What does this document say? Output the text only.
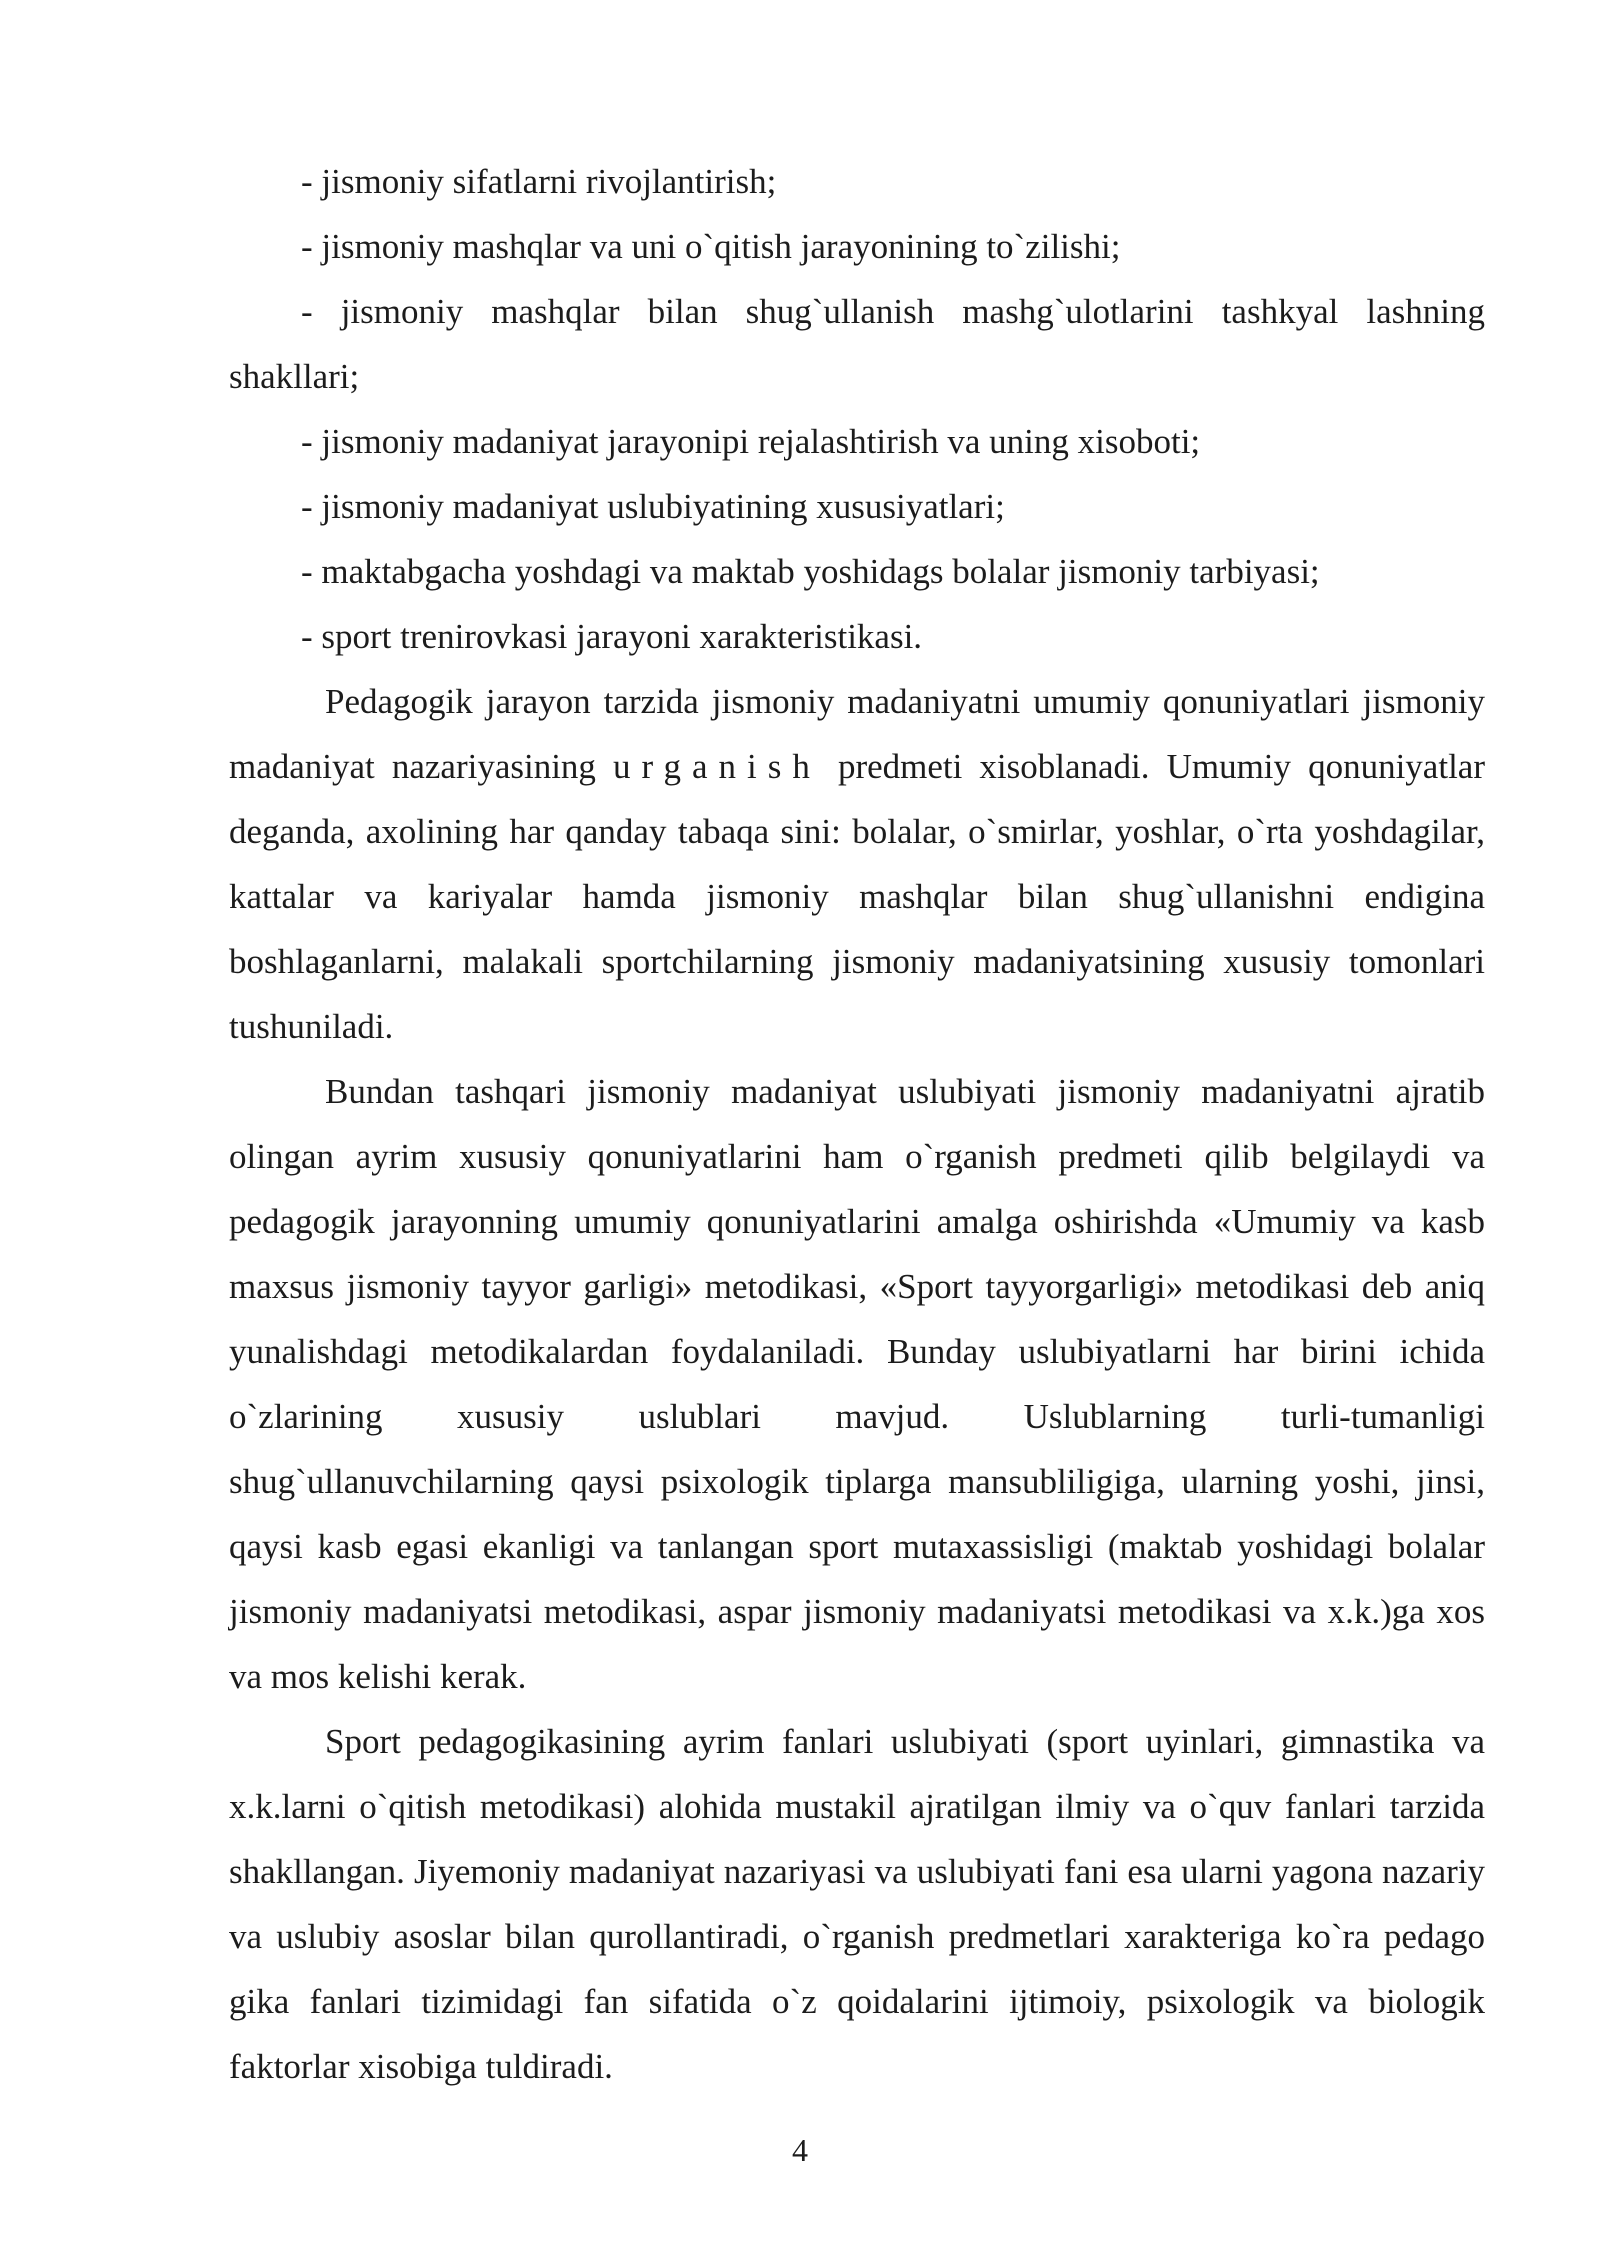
- jismoniy sifatlarni rivojlantirish;

- jismoniy mashqlar va uni o`qitish jarayonining to`zilishi;

- jismoniy mashqlar bilan shug`ullanish mashg`ulotlarini tashkyal lashning shakllari;

- jismoniy madaniyat jarayonipi rejalashtirish va uning xisoboti;

- jismoniy madaniyat uslubiyatining xususiyatlari;

- maktabgacha yoshdagi va maktab yoshidags bolalar jismoniy tarbiyasi;

- sport trenirovkasi jarayoni xarakteristikasi.

Pedagogik jarayon tarzida jismoniy madaniyatni umumiy qonuniyatlari jismoniy madaniyat nazariyasining urganish predmeti xisoblanadi. Umumiy qonuniyatlar deganda, axolining har qanday tabaqa sini: bolalar, o`smirlar, yoshlar, o`rta yoshdagilar, kattalar va kariyalar hamda jismoniy mashqlar bilan shug`ullanishni endigina boshlaganlarni, malakali sportchilarning jismoniy madaniyatsining xususiy tomonlari tushuniladi.

Bundan tashqari jismoniy madaniyat uslubiyati jismoniy madaniyatni ajratib olingan ayrim xususiy qonuniyatlarini ham o`rganish predmeti qilib belgilaydi va pedagogik jarayonning umumiy qonuniyatlarini amalga oshirishda «Umumiy va kasb maxsus jismoniy tayyor garligi» metodikasi, «Sport tayyorgarligi» metodikasi deb aniq yunalishdagi metodikalardan foydalaniladi. Bunday uslubiyatlarni har birini ichida o`zlarining xususiy uslublari mavjud. Uslublarning turli-tumanligi shug`ullanuvchilarning qaysi psixologik tiplarga mansubliligiga, ularning yoshi, jinsi, qaysi kasb egasi ekanligi va tanlangan sport mutaxassisligi (maktab yoshidagi bolalar jismoniy madaniyatsi metodikasi, aspar jismoniy madaniyatsi metodikasi va x.k.)ga xos va mos kelishi kerak.

Sport pedagogikasining ayrim fanlari uslubiyati (sport uyinlari, gimnastika va x.k.larni o`qitish metodikasi) alohida mustakil ajratilgan ilmiy va o`quv fanlari tarzida shakllangan. Jiyemoniy madaniyat nazariyasi va uslubiyati fani esa ularni yagona nazariy va uslubiy asoslar bilan qurollantiradi, o`rganish predmetlari xarakteriga ko`ra pedago gika fanlari tizimidagi fan sifatida o`z qoidalarini ijtimoiy, psixologik va biologik faktorlar xisobiga tuldiradi.

4
